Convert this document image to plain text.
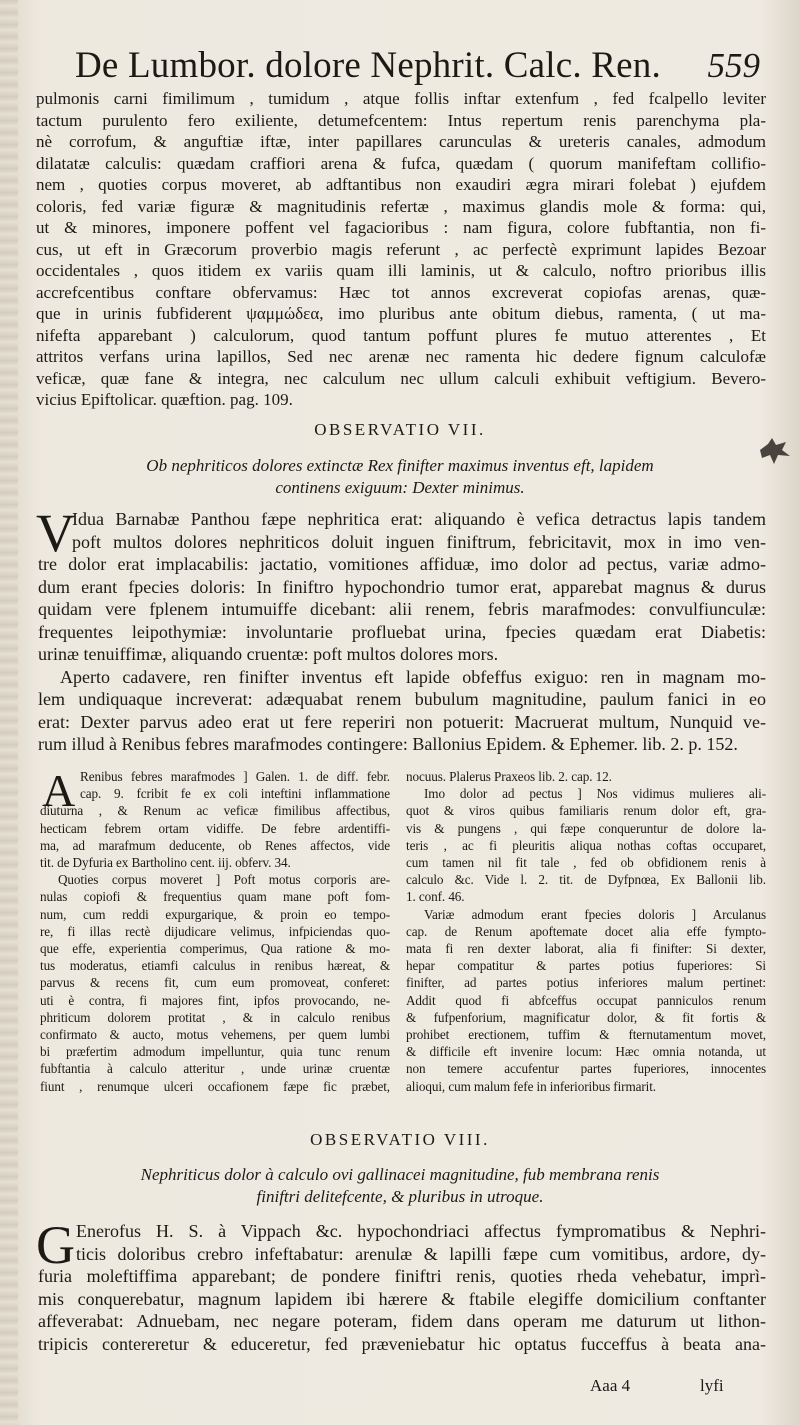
De Lumbor. dolore Nephrit. Calc. Ren. 559
pulmonis carni fimilimum , tumidum , atque follis inftar extenfum , fed fcalpello leviter
tactum purulento fero exiliente, detumefcentem: Intus repertum renis parenchyma pla-
nè corrofum, & anguftiæ iftæ, inter papillares carunculas & ureteris canales, admodum
dilatatæ calculis: quædam craffiori arena & fufca, quædam ( quorum manifeftam collifio-
nem , quoties corpus moveret, ab adftantibus non exaudiri ægra mirari folebat ) ejufdem
coloris, fed variæ figuræ & magnitudinis refertæ , maximus glandis mole & forma: qui,
ut & minores, imponere poffent vel fagacioribus : nam figura, colore fubftantia, non fi-
cus, ut eft in Græcorum proverbio magis referunt , ac perfectè exprimunt lapides Bezoar
occidentales , quos itidem ex variis quam illi laminis, ut & calculo, noftro prioribus illis
accrefcentibus conftare obfervamus: Hæc tot annos excreverat copiofas arenas, quæ-
que in urinis fubfiderent ψαμμώδεα, imo pluribus ante obitum diebus, ramenta, ( ut ma-
nifefta apparebant ) calculorum, quod tantum poffunt plures fe mutuo atterentes , Et
attritos verfans urina lapillos, Sed nec arenæ nec ramenta hic dedere fignum calculofæ
veficæ, quæ fane & integra, nec calculum nec ullum calculi exhibuit veftigium. Bevero-
vicius Epiftolicar. quæftion. pag. 109.
OBSERVATIO VII.
Ob nephriticos dolores extinctæ Rex finifter maximus inventus eft, lapidem
continens exiguum: Dexter minimus.
V
Idua Barnabæ Panthou fæpe nephritica erat: aliquando è vefica detractus lapis tandem
poft multos dolores nephriticos doluit inguen finiftrum, febricitavit, mox in imo ven-
tre dolor erat implacabilis: jactatio, vomitiones affiduæ, imo dolor ad pectus, variæ admo-
dum erant fpecies doloris: In finiftro hypochondrio tumor erat, apparebat magnus & durus
quidam vere fplenem intumuiffe dicebant: alii renem, febris marafmodes: convulfiunculæ:
frequentes leipothymiæ: involuntarie profluebat urina, fpecies quædam erat Diabetis:
urinæ tenuiffimæ, aliquando cruentæ: poft multos dolores mors.
Aperto cadavere, ren finifter inventus eft lapide obfeffus exiguo: ren in magnam mo-
lem undiquaque increverat: adæquabat renem bubulum magnitudine, paulum fanici in eo
erat: Dexter parvus adeo erat ut fere reperiri non potuerit: Macruerat multum, Nunquid ve-
rum illud à Renibus febres marafmodes contingere: Ballonius Epidem. & Ephemer. lib. 2. p. 152.
A Renibus febres marafmodes ] Galen. 1. de diff. febr.
cap. 9. fcribit fe ex coli inteftini inflammatione
diuturna , & Renum ac veficæ fimilibus affectibus,
hecticam febrem ortam vidiffe. De febre ardentiffi-
ma, ad marafmum deducente, ob Renes affectos, vide
tit. de Dyfuria ex Bartholino cent. iij. obferv. 34.
Quoties corpus moveret ] Poft motus corporis are-
nulas copiofi & frequentius quam mane poft fom-
num, cum reddi expurgarique, & proin eo tempo-
re, fi illas rectè dijudicare velimus, infpiciendas quo-
que effe, experientia comperimus, Qua ratione & mo-
tus moderatus, etiamfi calculus in renibus hæreat, &
parvus & recens fit, cum eum promoveat, conferet:
uti è contra, fi majores fint, ipfos provocando, ne-
phriticum dolorem protitat , & in calculo renibus
confirmato & aucto, motus vehemens, per quem lumbi
bi præfertim admodum impelluntur, quia tunc renum
fubftantia à calculo atteritur , unde urinæ cruentæ
fiunt , renumque ulceri occafionem fæpe fic præbet,
nocuus. Plalerus Praxeos lib. 2. cap. 12.
Imo dolor ad pectus ] Nos vidimus mulieres ali-
quot & viros quibus familiaris renum dolor eft, gra-
vis & pungens , qui fæpe conqueruntur de dolore la-
teris , ac fi pleuritis aliqua nothas coftas occuparet,
cum tamen nil fit tale , fed ob obfidionem renis à
calculo &c. Vide l. 2. tit. de Dyfpnœa, Ex Ballonii lib.
1. conf. 46.
Variæ admodum erant fpecies doloris ] Arculanus
cap. de Renum apoftemate docet alia effe fympto-
mata fi ren dexter laborat, alia fi finifter: Si dexter,
hepar compatitur & partes potius fuperiores: Si
finifter, ad partes potius inferiores malum pertinet:
Addit quod fi abfceffus occupat panniculos renum
& fufpenforium, magnificatur dolor, & fit fortis &
prohibet erectionem, tuffim & fternutamentum movet,
& difficile eft invenire locum: Hæc omnia notanda, ut
non temere accufentur partes fuperiores, innocentes
alioqui, cum malum fefe in inferioribus firmarit.
OBSERVATIO VIII.
Nephriticus dolor à calculo ovi gallinacei magnitudine, fub membrana renis
finiftri delitefcente, & pluribus in utroque.
G Enerofus H. S. à Vippach &c. hypochondriaci affectus fympromatibus & Nephri-
ticis doloribus crebro infeftabatur: arenulæ & lapilli fæpe cum vomitibus, ardore, dy-
furia moleftiffima apparebant; de pondere finiftri renis, quoties rheda vehebatur, imprì-
mis conquerebatur, magnum lapidem ibi hærere & ftabile elegiffe domicilium conftanter
affeverabat: Adnuebam, nec negare poteram, fidem dans operam me daturum ut lithon-
tripicis contereretur & educeretur, fed præveniebatur hic optatus fucceffus à beata ana-
Aaa 4	lyfi
